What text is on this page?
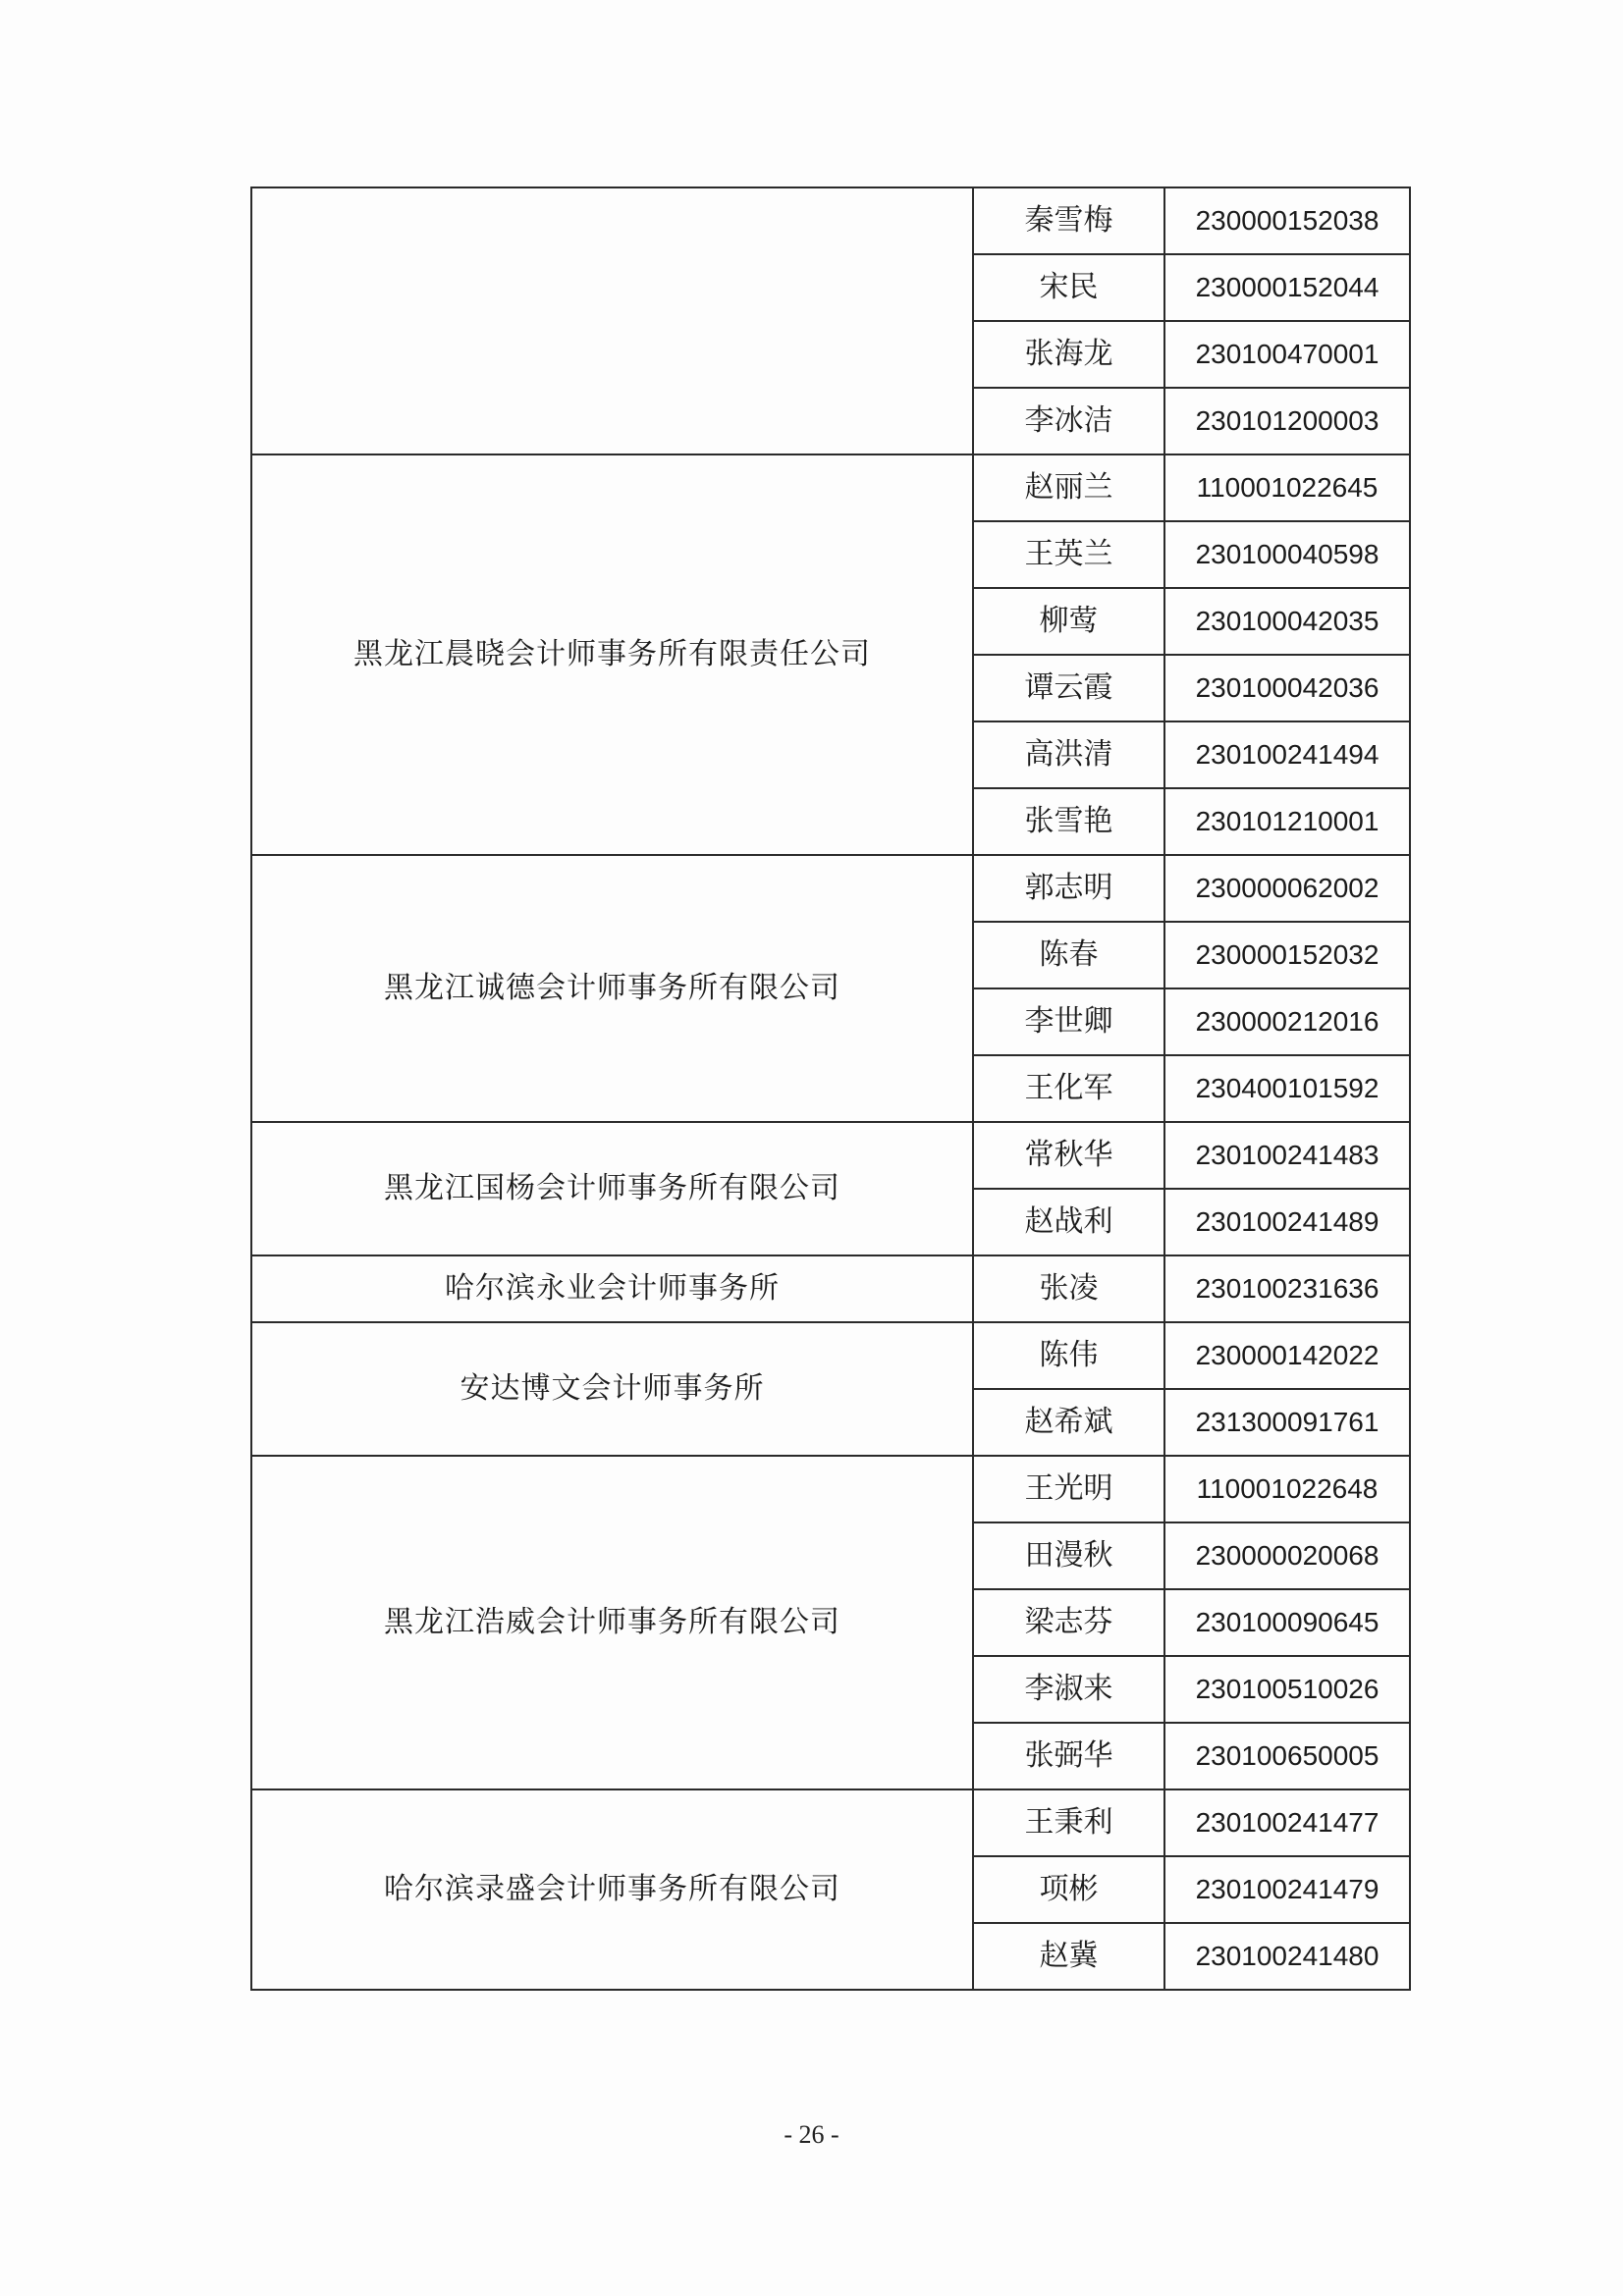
	秦雪梅	230000152038
	宋民	230000152044
	张海龙	230100470001
	李冰洁	230101200003
黑龙江晨晓会计师事务所有限责任公司	赵丽兰	110001022645
	王英兰	230100040598
	柳莺	230100042035
	谭云霞	230100042036
	高洪清	230100241494
	张雪艳	230101210001
黑龙江诚德会计师事务所有限公司	郭志明	230000062002
	陈春	230000152032
	李世卿	230000212016
	王化军	230400101592
黑龙江国杨会计师事务所有限公司	常秋华	230100241483
	赵战利	230100241489
哈尔滨永业会计师事务所	张凌	230100231636
安达博文会计师事务所	陈伟	230000142022
	赵希斌	231300091761
黑龙江浩威会计师事务所有限公司	王光明	110001022648
	田漫秋	230000020068
	梁志芬	230100090645
	李淑来	230100510026
	张弼华	230100650005
哈尔滨录盛会计师事务所有限公司	王秉利	230100241477
	项彬	230100241479
	赵冀	230100241480
- 26 -
